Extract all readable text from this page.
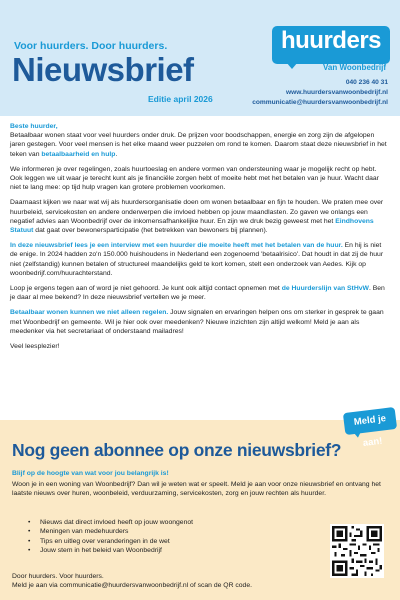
Voor huurders. Door huurders.
Nieuwsbrief
Editie april 2026
huurders
Van Woonbedrijf
040 236 40 31
www.huurdersvanwoonbedrijf.nl
communicatie@huurdersvanwoonbedrijf.nl

Beste huurder,
Betaalbaar wonen staat voor veel huurders onder druk. De prijzen voor boodschappen, energie en zorg zijn de afgelopen jaren gestegen. Voor veel mensen is het elke maand weer puzzelen om rond te komen. Daarom staat deze nieuwsbrief in het teken van betaalbaarheid en hulp.

We informeren je over regelingen, zoals huurtoeslag en andere vormen van ondersteuning waar je mogelijk recht op hebt. Ook leggen we uit waar je terecht kunt als je financiële zorgen hebt of moeite hebt met het betalen van je huur. Wacht daar niet te lang mee: op tijd hulp vragen kan grotere problemen voorkomen.

Daarnaast kijken we naar wat wij als huurdersorganisatie doen om wonen betaalbaar en fijn te houden. We praten mee over huurbeleid, servicekosten en andere onderwerpen die invloed hebben op jouw maandlasten. Zo gaven we onlangs een negatief advies aan Woonbedrijf over de inkomensafhankelijke huur. En zijn we druk bezig geweest met het Eindhovens Statuut dat gaat over bewonersparticipatie (het betrekken van bewoners bij plannen).

In deze nieuwsbrief lees je een interview met een huurder die moeite heeft met het betalen van de huur. En hij is niet de enige. In 2024 hadden zo'n 150.000 huishoudens in Nederland een zogenoemd 'betaalrisico'. Dat houdt in dat zij de huur niet (zelfstandig) kunnen betalen of structureel maandelijks geld te kort komen, stelt een onderzoek van Aedes. Kijk op woonbedrijf.com/huurachterstand.

Loop je ergens tegen aan of word je niet gehoord. Je kunt ook altijd contact opnemen met de Huurderslijn van StHvW. Ben je daar al mee bekend? In deze nieuwsbrief vertellen we je meer.

Betaalbaar wonen kunnen we niet alleen regelen. Jouw signalen en ervaringen helpen ons om sterker in gesprek te gaan met Woonbedrijf en gemeente. Wil je hier ook over meedenken? Nieuwe inzichten zijn altijd welkom! Meld je aan als meedenker via het secretariaat of onderstaand mailadres!

Veel leesplezier!

Meld je aan!
Nog geen abonnee op onze nieuwsbrief?
Blijf op de hoogte van wat voor jou belangrijk is!
Woon je in een woning van Woonbedrijf? Dan wil je weten wat er speelt. Meld je aan voor onze nieuwsbrief en ontvang het laatste nieuws over huren, woonbeleid, verduurzaming, servicekosten, zorg en jouw rechten als huurder.
• Nieuws dat direct invloed heeft op jouw woongenot
• Meningen van medehuurders
• Tips en uitleg over veranderingen in de wet
• Jouw stem in het beleid van Woonbedrijf
Door huurders. Voor huurders.
Meld je aan via communicatie@huurdersvanwoonbedrijf.nl of scan de QR code.
